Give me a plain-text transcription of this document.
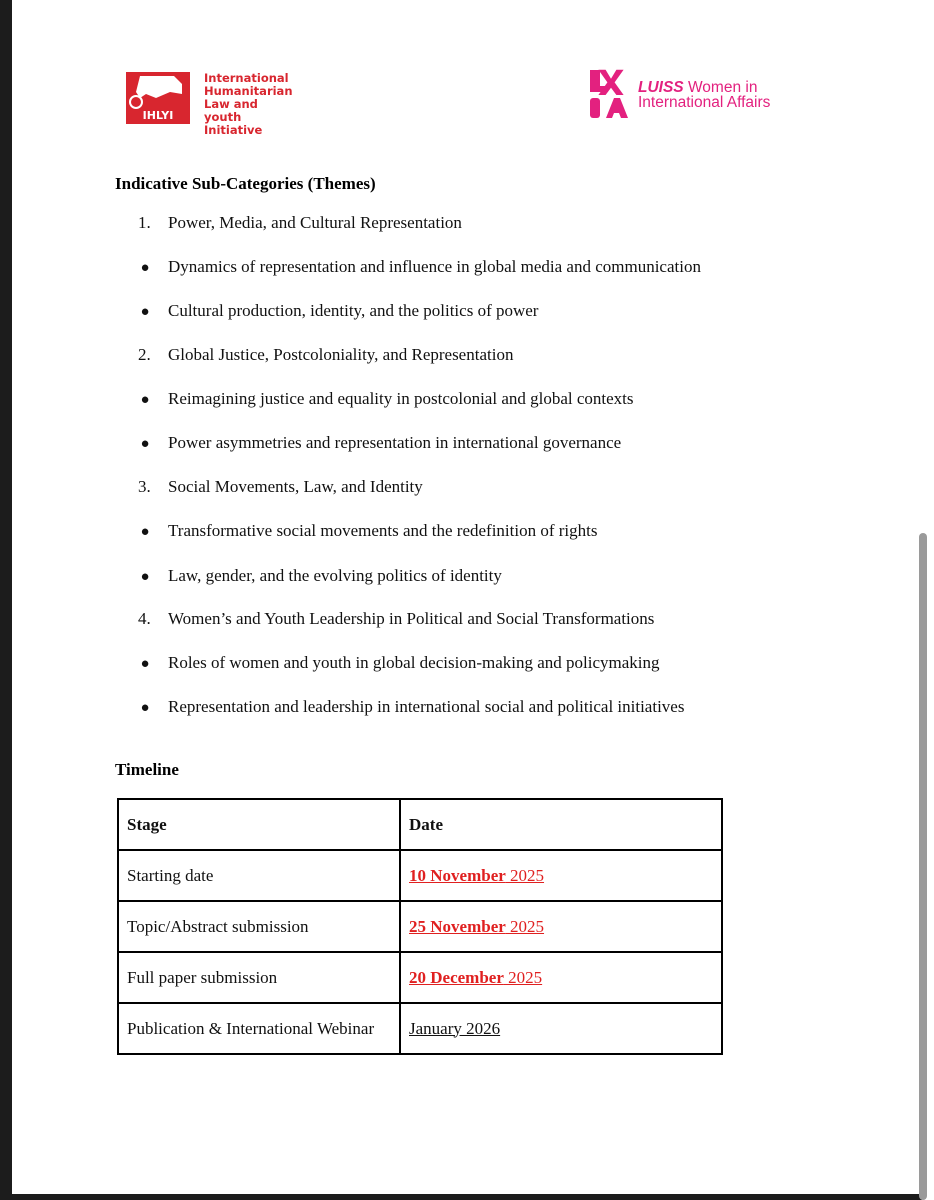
IHLYI
International
Humanitarian
Law and youth
Initiative
LUISS Women in
International Affairs
Indicative Sub-Categories (Themes)
1. Power, Media, and Cultural Representation
● Dynamics of representation and influence in global media and communication
● Cultural production, identity, and the politics of power
2. Global Justice, Postcoloniality, and Representation
● Reimagining justice and equality in postcolonial and global contexts
● Power asymmetries and representation in international governance
3. Social Movements, Law, and Identity
● Transformative social movements and the redefinition of rights
● Law, gender, and the evolving politics of identity
4. Women’s and Youth Leadership in Political and Social Transformations
● Roles of women and youth in global decision-making and policymaking
● Representation and leadership in international social and political initiatives
Timeline
Stage	Date
Starting date	10 November 2025
Topic/Abstract submission	25 November 2025
Full paper submission	20 December 2025
Publication & International Webinar	January 2026
